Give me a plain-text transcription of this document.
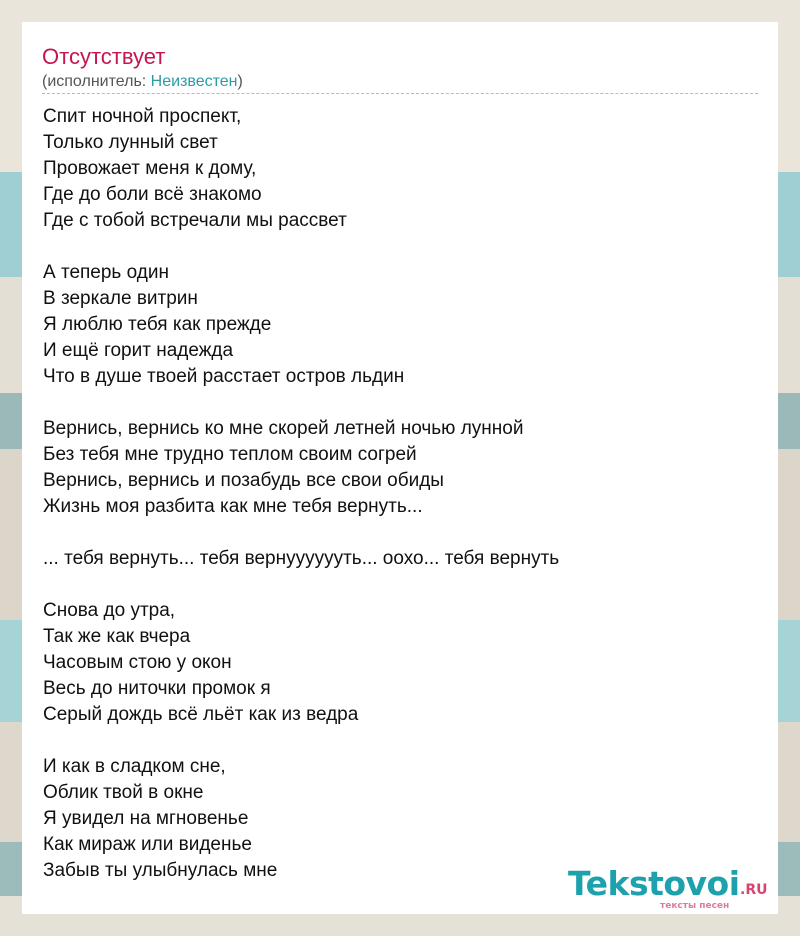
Отсутствует
(исполнитель: Неизвестен)
Спит ночной проспект,
Только лунный свет
Провожает меня к дому,
Где до боли всё знакомо
Где с тобой встречали мы рассвет
А теперь один
В зеркале витрин
Я люблю тебя как прежде
И ещё горит надежда
Что в душе твоей расстает остров льдин
Вернись, вернись ко мне скорей летней ночью лунной
Без тебя мне трудно теплом своим согрей
Вернись, вернись и позабудь все свои обиды
Жизнь моя разбита как мне тебя вернуть...
... тебя вернуть... тебя вернууууууть... оохо... тебя вернуть
Снова до утра,
Так же как вчера
Часовым стою у окон
Весь до ниточки промок я
Серый дождь всё льёт как из ведра
И как в сладком сне,
Облик твой в окне
Я увидел на мгновенье
Как мираж или виденье
Забыв ты улыбнулась мне	Tekstovoi .RU
тексты песен
